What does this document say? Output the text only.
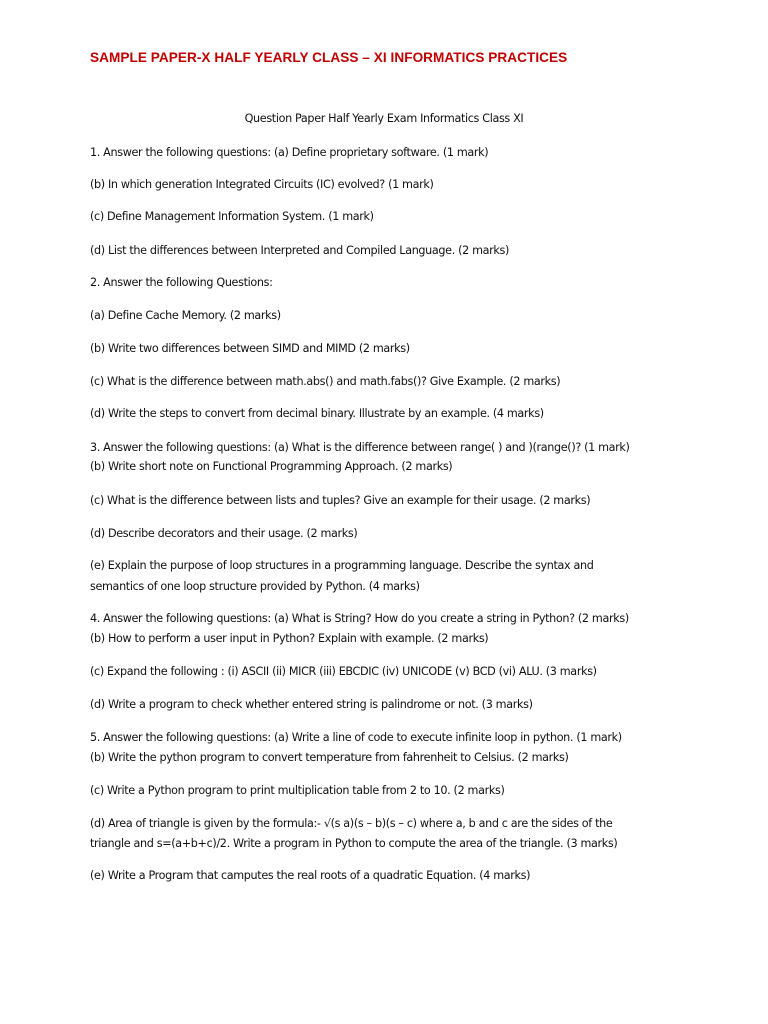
SAMPLE PAPER-X HALF YEARLY CLASS – XI INFORMATICS PRACTICES
Question Paper Half Yearly Exam Informatics Class XI
1. Answer the following questions: (a) Define proprietary software. (1 mark)
(b) In which generation Integrated Circuits (IC) evolved? (1 mark)
(c) Define Management Information System. (1 mark)
(d) List the differences between Interpreted and Compiled Language. (2 marks)
2. Answer the following Questions:
(a) Define Cache Memory. (2 marks)
(b) Write two differences between SIMD and MIMD (2 marks)
(c) What is the difference between math.abs() and math.fabs()? Give Example. (2 marks)
(d) Write the steps to convert from decimal binary. Illustrate by an example. (4 marks)
3. Answer the following questions: (a) What is the difference between range( ) and )(range()? (1 mark)
(b) Write short note on Functional Programming Approach. (2 marks)
(c) What is the difference between lists and tuples? Give an example for their usage. (2 marks)
(d) Describe decorators and their usage. (2 marks)
(e) Explain the purpose of loop structures in a programming language. Describe the syntax and
semantics of one loop structure provided by Python. (4 marks)
4. Answer the following questions: (a) What is String? How do you create a string in Python? (2 marks)
(b) How to perform a user input in Python? Explain with example. (2 marks)
(c) Expand the following : (i) ASCII (ii) MICR (iii) EBCDIC (iv) UNICODE (v) BCD (vi) ALU. (3 marks)
(d) Write a program to check whether entered string is palindrome or not. (3 marks)
5. Answer the following questions: (a) Write a line of code to execute infinite loop in python. (1 mark)
(b) Write the python program to convert temperature from fahrenheit to Celsius. (2 marks)
(c) Write a Python program to print multiplication table from 2 to 10. (2 marks)
(d) Area of triangle is given by the formula:- √(s a)(s – b)(s – c) where a, b and c are the sides of the
triangle and s=(a+b+c)/2. Write a program in Python to compute the area of the triangle. (3 marks)
(e) Write a Program that camputes the real roots of a quadratic Equation. (4 marks)
